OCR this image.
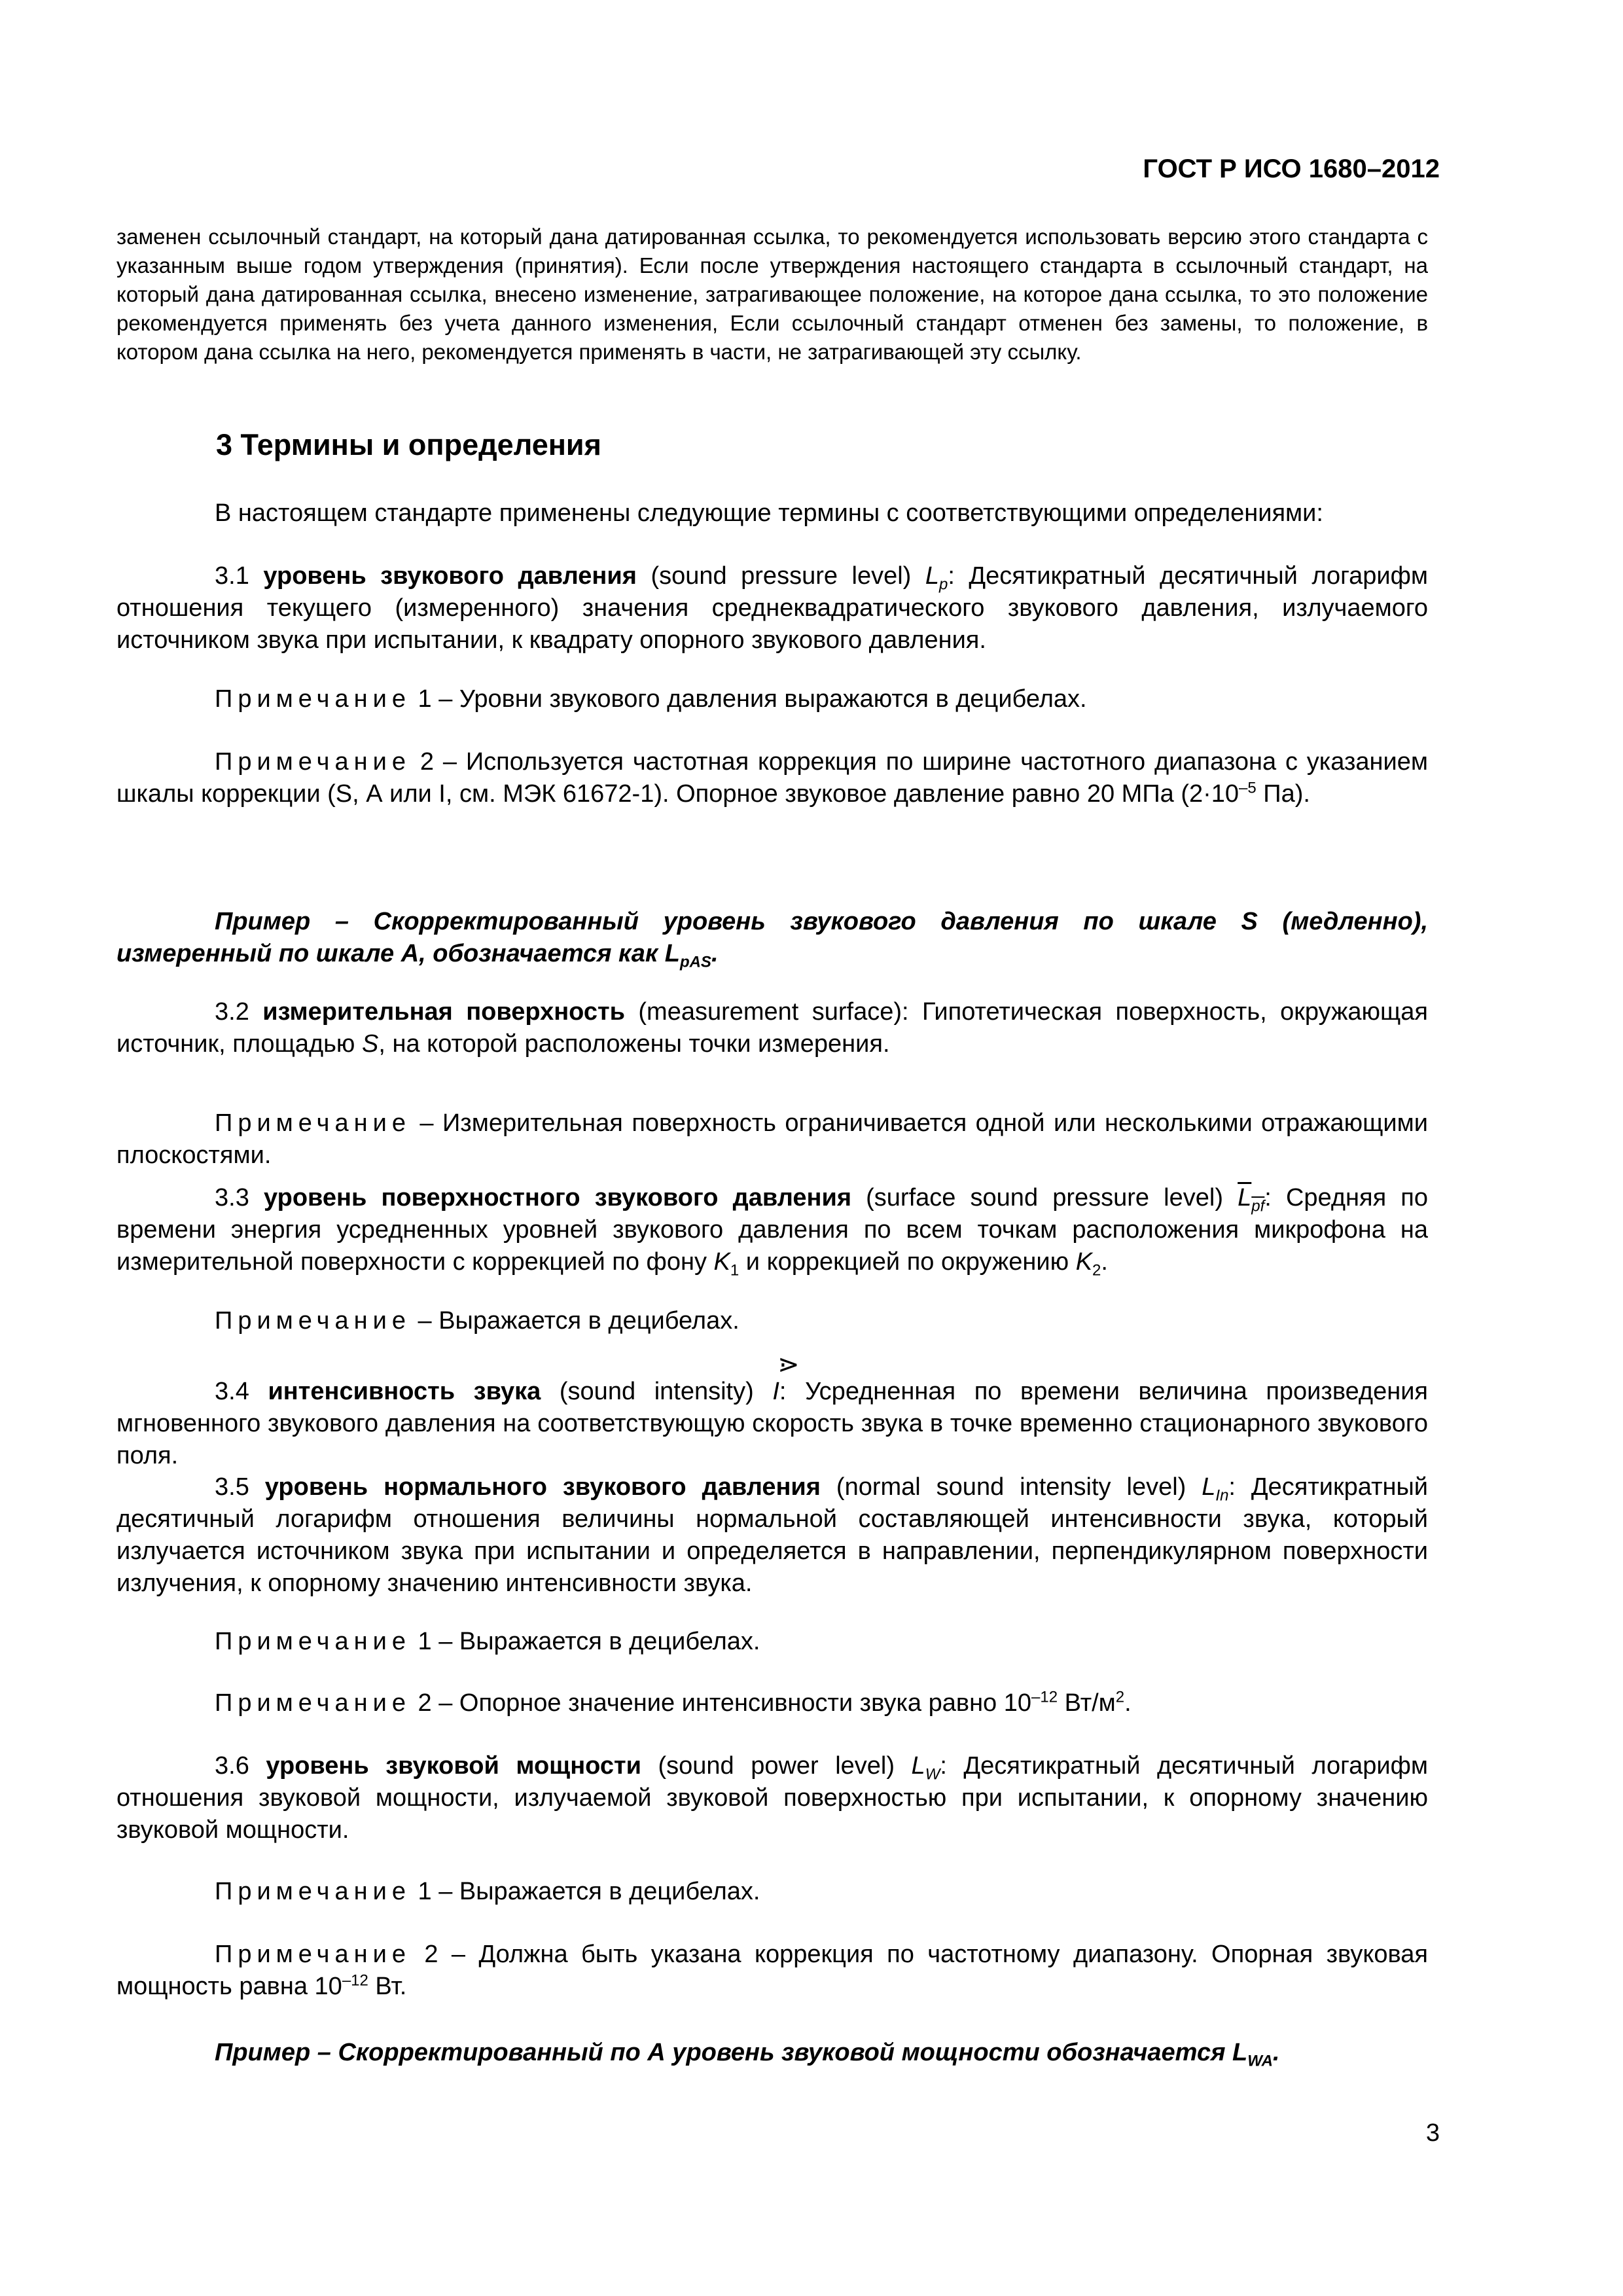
ГОСТ Р ИСО 1680–2012
заменен ссылочный стандарт, на который дана датированная ссылка, то рекомендуется использовать версию этого стандарта с указанным выше годом утверждения (принятия). Если после утверждения настоящего стандарта в ссылочный стандарт, на который дана датированная ссылка, внесено изменение, затрагивающее положение, на которое дана ссылка, то это положение рекомендуется применять без учета данного изменения, Если ссылочный стандарт отменен без замены, то положение, в котором дана ссылка на него, рекомендуется применять в части, не затрагивающей эту ссылку.
3 Термины и определения
В настоящем стандарте применены следующие термины с соответствующими определениями:
3.1 уровень звукового давления (sound pressure level) $L_p$: Десятикратный десятичный логарифм отношения текущего (измеренного) значения среднеквадратического звукового давления, излучаемого источником звука при испытании, к квадрату опорного звукового давления.
Примечание 1 – Уровни звукового давления выражаются в децибелах.
Примечание 2 – Используется частотная коррекция по ширине частотного диапазона с указанием шкалы коррекции (S, А или I, см. МЭК 61672-1). Опорное звуковое давление равно 20 МПа ($2\cdot 10^{-5}$ Па).
Пример – Скорректированный уровень звукового давления по шкале S (медленно), измеренный по шкале А, обозначается как $L_{pAS}$.
3.2 измерительная поверхность (measurement surface): Гипотетическая поверхность, окружающая источник, площадью S, на которой расположены точки измерения.
Примечание – Измерительная поверхность ограничивается одной или несколькими отражающими плоскостями.
3.3 уровень поверхностного звукового давления (surface sound pressure level) $\overline{L}_{\overline{pf}}$: Средняя по времени энергия усредненных уровней звукового давления по всем точкам расположения микрофона на измерительной поверхности с коррекцией по фону $K_1$ и коррекцией по окружению $K_2$.
Примечание – Выражается в децибелах.
⋗
3.4 интенсивность звука (sound intensity) I: Усредненная по времени величина произведения мгновенного звукового давления на соответствующую скорость звука в точке временно стационарного звукового поля.
3.5 уровень нормального звукового давления (normal sound intensity level) $L_{In}$: Десятикратный десятичный логарифм отношения величины нормальной составляющей интенсивности звука, который излучается источником звука при испытании и определяется в направлении, перпендикулярном поверхности излучения, к опорному значению интенсивности звука.
Примечание 1 – Выражается в децибелах.
Примечание 2 – Опорное значение интенсивности звука равно $10^{-12}$ $Вт/м^2$.
3.6 уровень звуковой мощности (sound power level) $L_W$: Десятикратный десятичный логарифм отношения звуковой мощности, излучаемой звуковой поверхностью при испытании, к опорному значению звуковой мощности.
Примечание 1 – Выражается в децибелах.
Примечание 2 – Должна быть указана коррекция по частотному диапазону. Опорная звуковая мощность равна $10^{-12}$ Вт.
Пример – Скорректированный по А уровень звуковой мощности обозначается $L_{WA}$.
3
